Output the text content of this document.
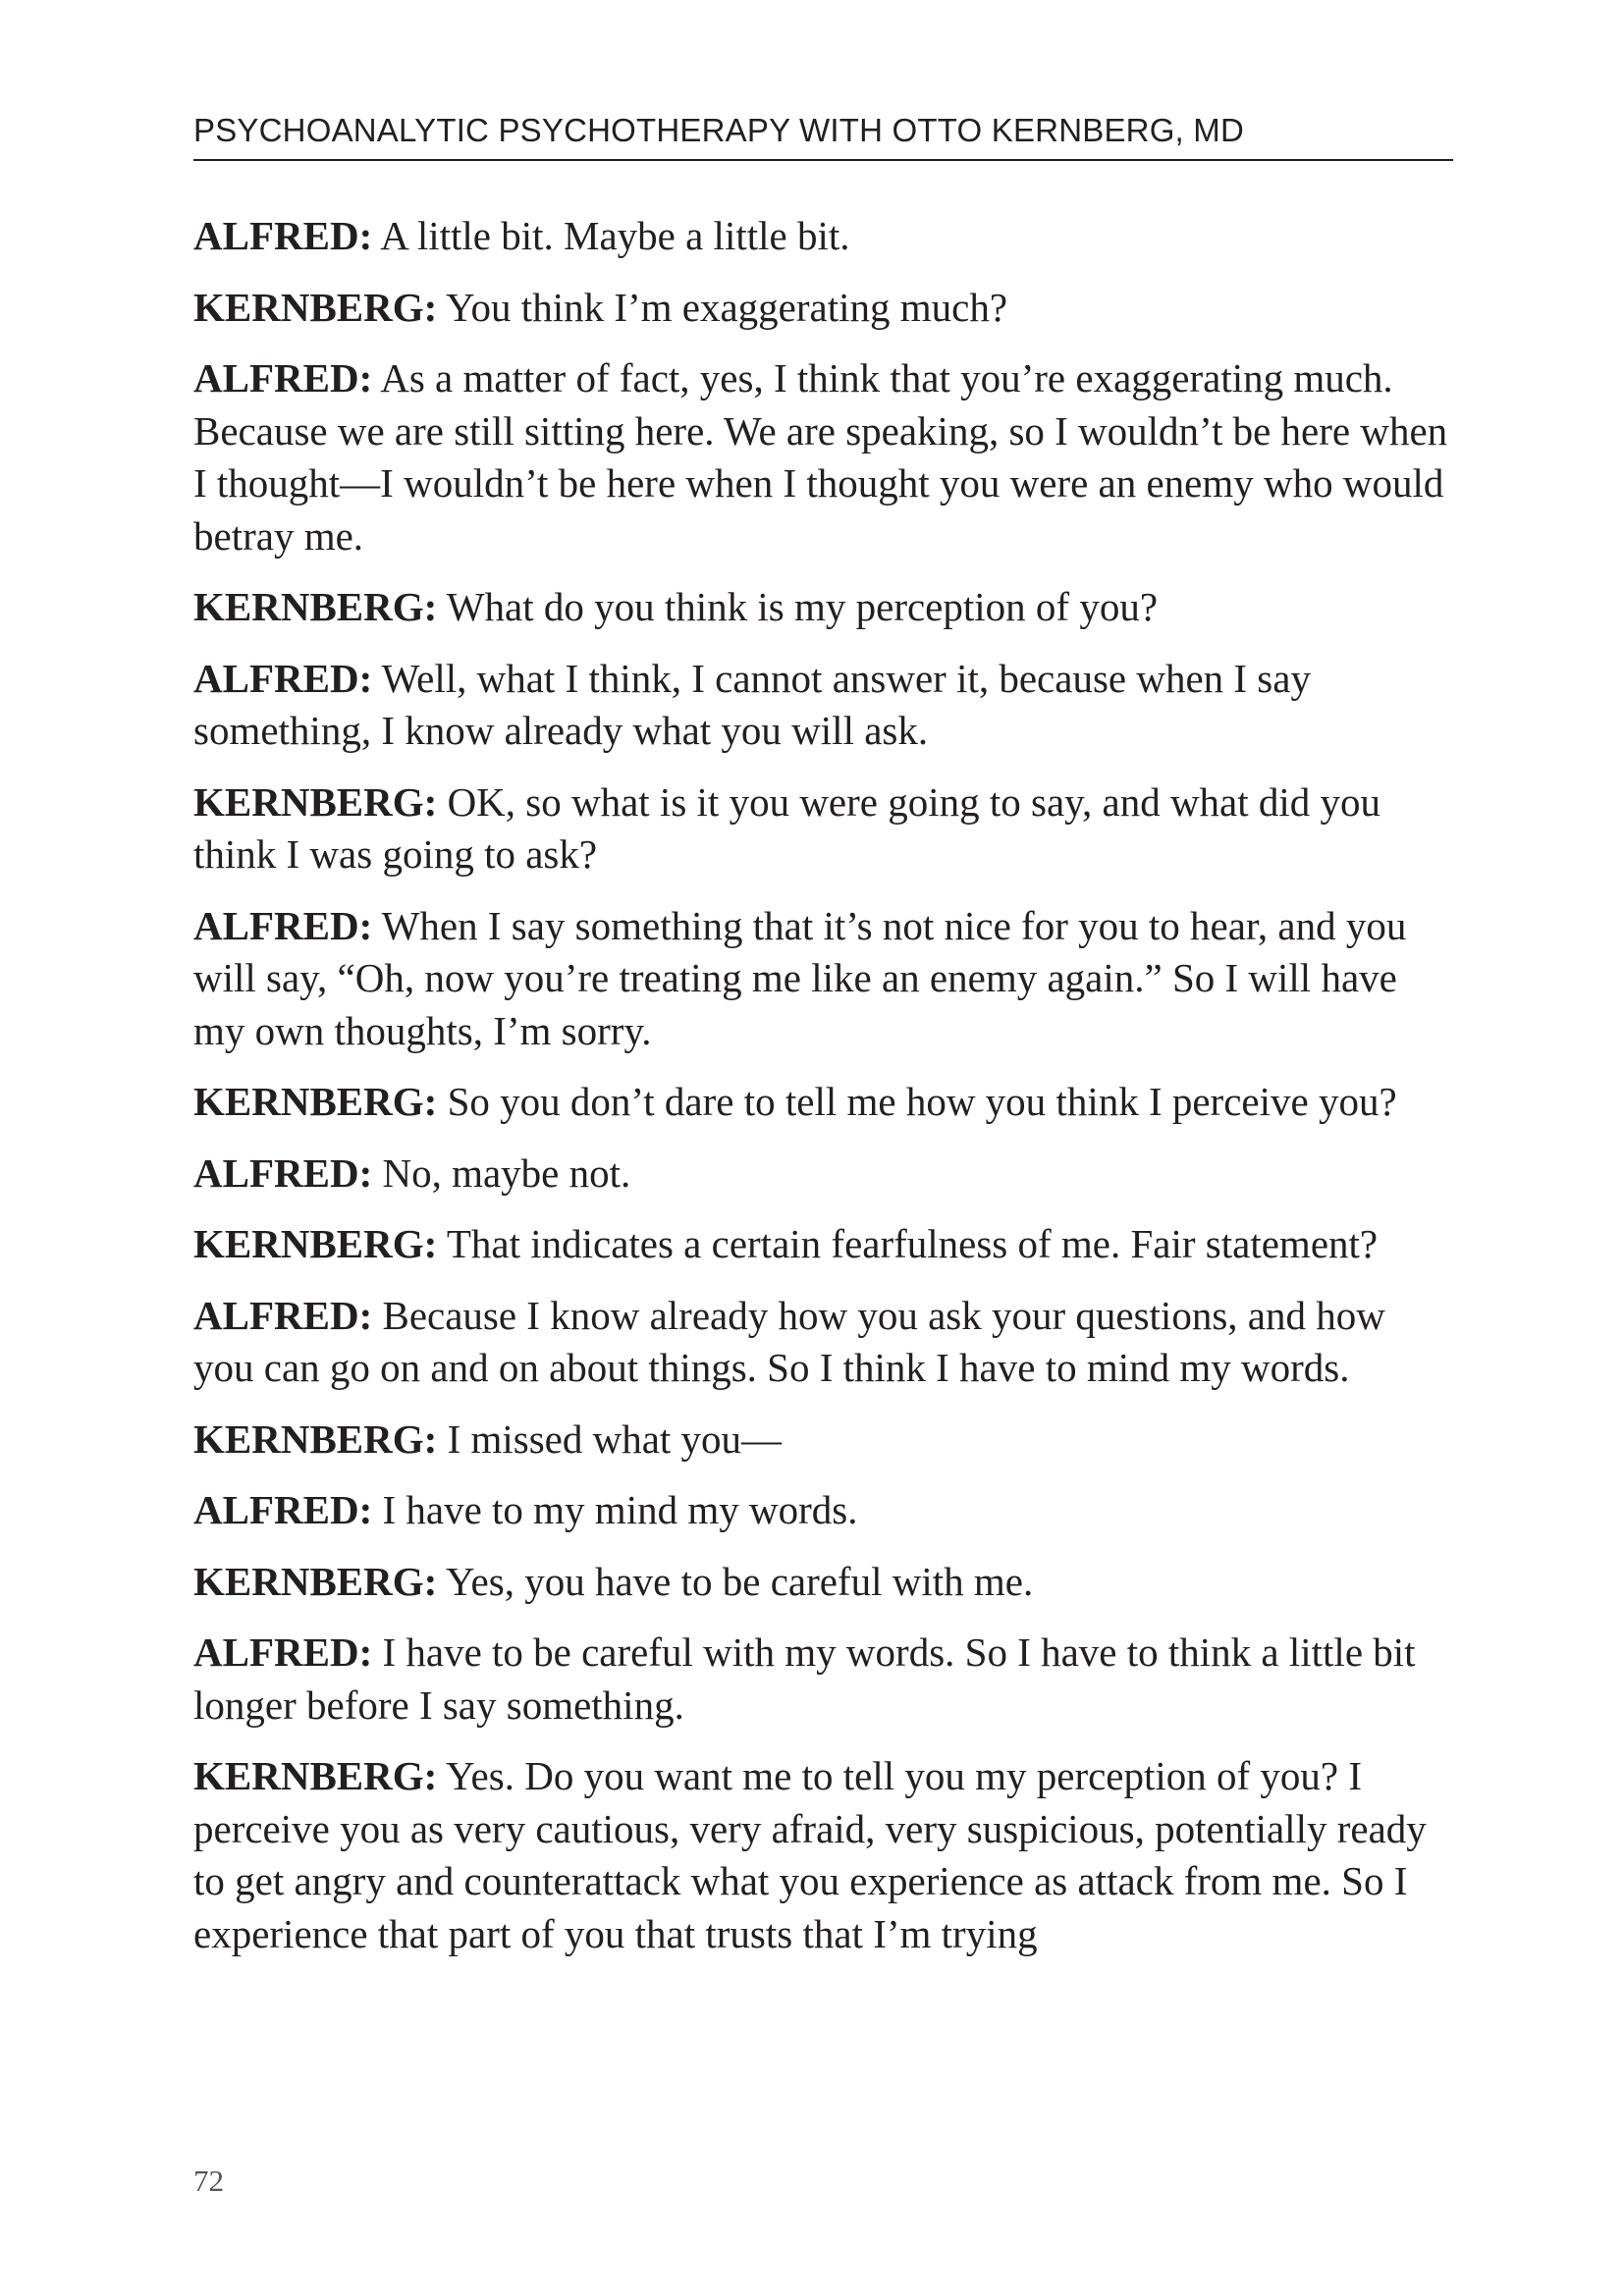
PSYCHOANALYTIC PSYCHOTHERAPY WITH OTTO KERNBERG, MD

ALFRED: A little bit. Maybe a little bit.

KERNBERG: You think I’m exaggerating much?

ALFRED: As a matter of fact, yes, I think that you’re exaggerating much. Because we are still sitting here. We are speaking, so I wouldn’t be here when I thought—I wouldn’t be here when I thought you were an enemy who would betray me.

KERNBERG: What do you think is my perception of you?

ALFRED: Well, what I think, I cannot answer it, because when I say something, I know already what you will ask.

KERNBERG: OK, so what is it you were going to say, and what did you think I was going to ask?

ALFRED: When I say something that it’s not nice for you to hear, and you will say, “Oh, now you’re treating me like an enemy again.” So I will have my own thoughts, I’m sorry.

KERNBERG: So you don’t dare to tell me how you think I perceive you?

ALFRED: No, maybe not.

KERNBERG: That indicates a certain fearfulness of me. Fair statement?

ALFRED: Because I know already how you ask your questions, and how you can go on and on about things. So I think I have to mind my words.

KERNBERG: I missed what you—

ALFRED: I have to my mind my words.

KERNBERG: Yes, you have to be careful with me.

ALFRED: I have to be careful with my words. So I have to think a little bit longer before I say something.

KERNBERG: Yes. Do you want me to tell you my perception of you? I perceive you as very cautious, very afraid, very suspicious, potentially ready to get angry and counterattack what you experience as attack from me. So I experience that part of you that trusts that I’m trying

72
